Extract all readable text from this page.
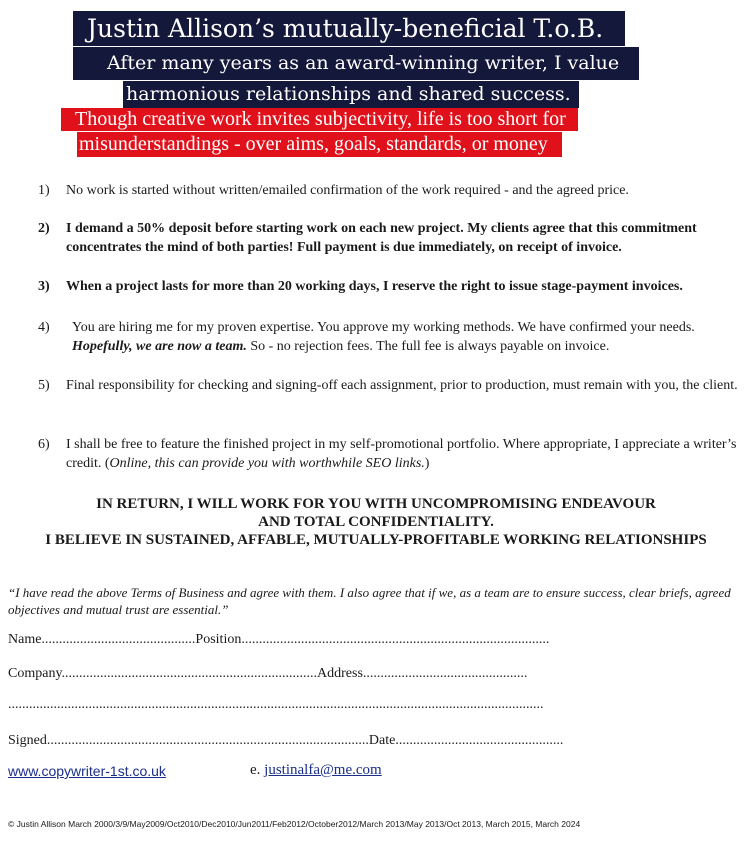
Justin Allison’s mutually-beneficial T.o.B.
After many years as an award-winning writer, I value
harmonious relationships and shared success.
Though creative work invites subjectivity, life is too short for
misunderstandings - over aims, goals, standards, or money
1) No work is started without written/emailed confirmation of the work required - and the agreed price.
2) I demand a 50% deposit before starting work on each new project. My clients agree that this commitment concentrates the mind of both parties! Full payment is due immediately, on receipt of invoice.
3) When a project lasts for more than 20 working days, I reserve the right to issue stage-payment invoices.
4) You are hiring me for my proven expertise. You approve my working methods. We have confirmed your needs. Hopefully, we are now a team. So - no rejection fees. The full fee is always payable on invoice.
5) Final responsibility for checking and signing-off each assignment, prior to production, must remain with you, the client.
6) I shall be free to feature the finished project in my self-promotional portfolio. Where appropriate, I appreciate a writer’s credit. (Online, this can provide you with worthwhile SEO links.)
IN RETURN, I WILL WORK FOR YOU WITH UNCOMPROMISING ENDEAVOUR
AND TOTAL CONFIDENTIALITY.
I BELIEVE IN SUSTAINED, AFFABLE, MUTUALLY-PROFITABLE WORKING RELATIONSHIPS
“I have read the above Terms of Business and agree with them. I also agree that if we, as a team are to ensure success, clear briefs, agreed objectives and mutual trust are essential.”
Name............................................Position........................................................................................
Company.........................................................................Address...............................................
.........................................................................................................................................................
Signed............................................................................................Date................................................
www.copywriter-1st.co.uk	e. justinalfa@me.com
© Justin Allison March 2000/3/9/May2009/Oct2010/Dec2010/Jun2011/Feb2012/October2012/March 2013/May 2013/Oct 2013, March 2015, March 2024
